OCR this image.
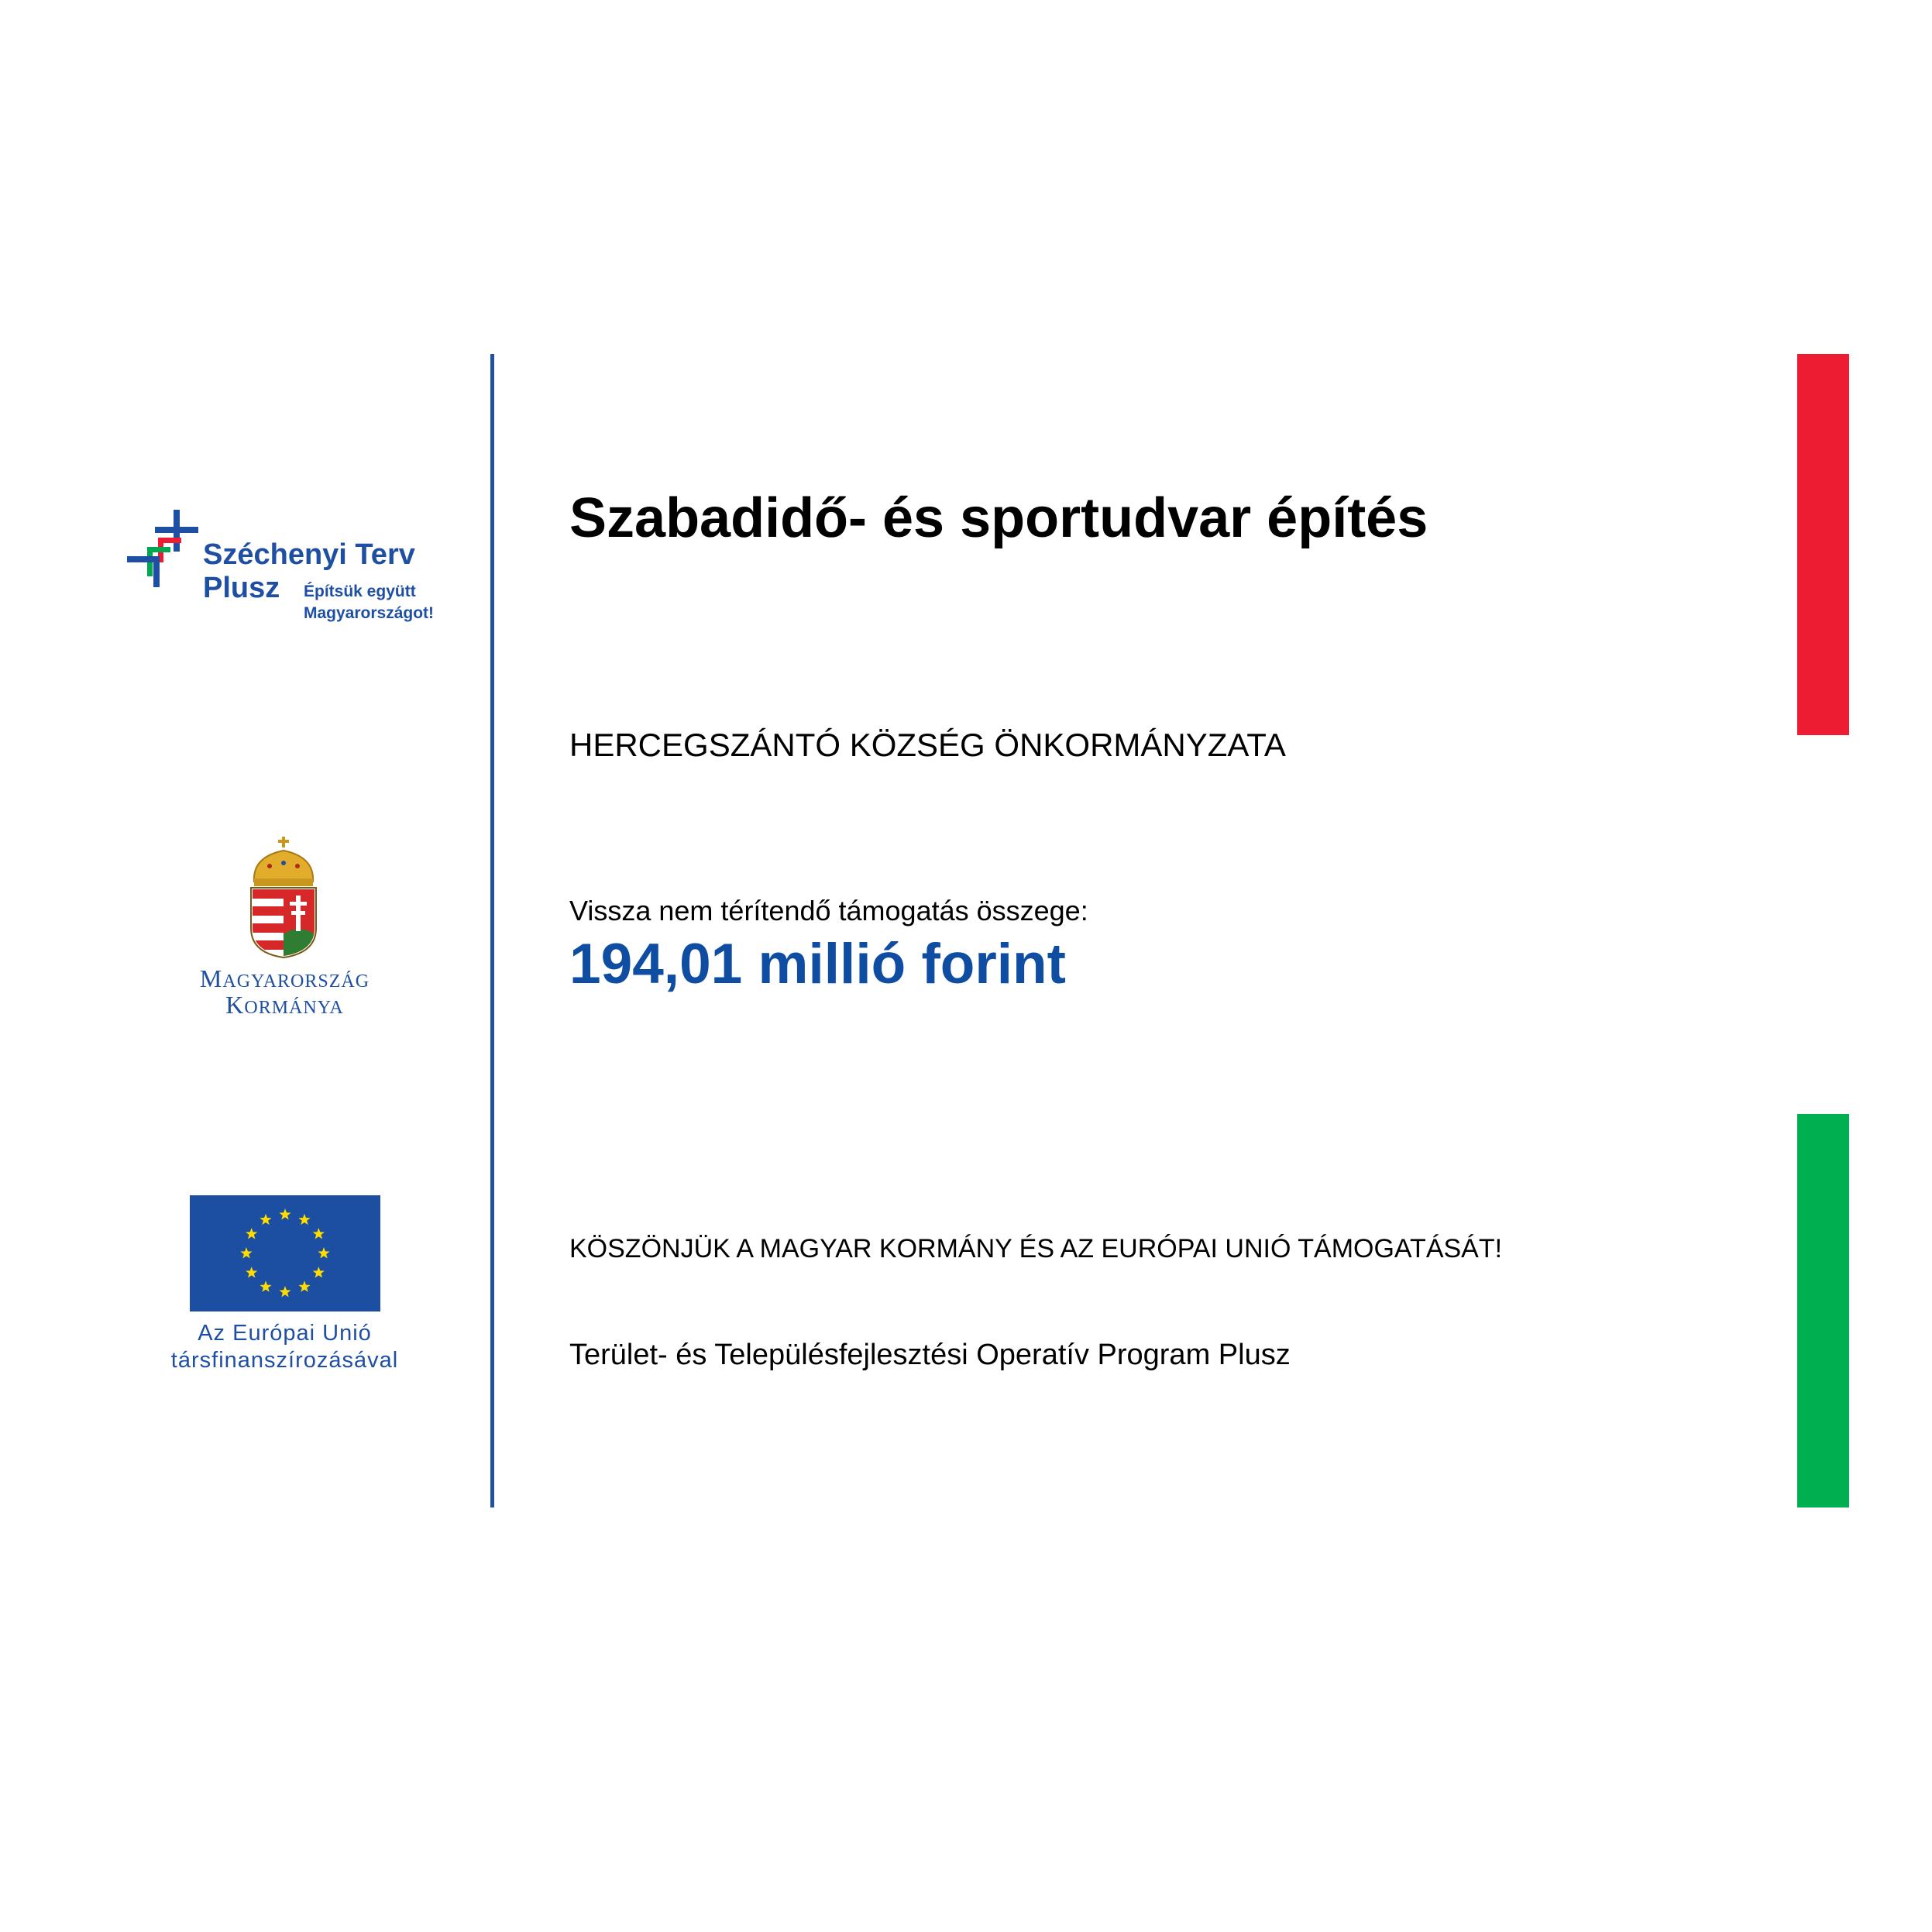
Széchenyi Terv
Plusz Építsük együtt
Magyarországot!
MAGYARORSZÁG
KORMÁNYA
Az Európai Unió
társfinanszírozásával
Szabadidő- és sportudvar építés
HERCEGSZÁNTÓ KÖZSÉG ÖNKORMÁNYZATA
Vissza nem térítendő támogatás összege:
194,01 millió forint
KÖSZÖNJÜK A MAGYAR KORMÁNY ÉS AZ EURÓPAI UNIÓ TÁMOGATÁSÁT!
Terület- és Településfejlesztési Operatív Program Plusz
